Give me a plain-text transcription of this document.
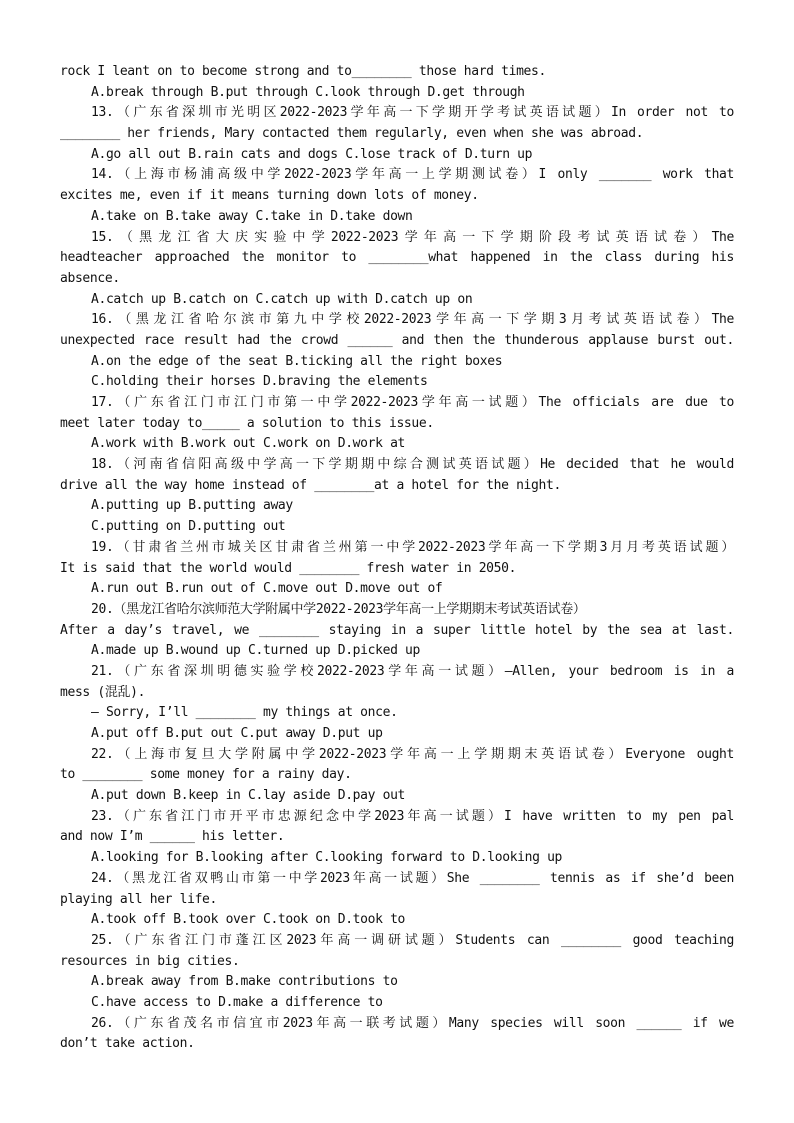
rock I leant on to become strong and to________ those hard times.
A.break through B.put through C.look through D.get through
13.（广东省深圳市光明区2022-2023学年高一下学期开学考试英语试题）In order not to
________ her friends, Mary contacted them regularly, even when she was abroad.
A.go all out B.rain cats and dogs C.lose track of D.turn up
14.（上海市杨浦高级中学2022-2023学年高一上学期测试卷）I only _______ work that
excites me, even if it means turning down lots of money.
A.take on B.take away C.take in D.take down
15.（黑龙江省大庆实验中学2022-2023学年高一下学期阶段考试英语试卷）The
headteacher approached the monitor to ________what happened in the class during his
absence.
A.catch up B.catch on C.catch up with D.catch up on
16.（黑龙江省哈尔滨市第九中学校2022-2023学年高一下学期3月考试英语试卷）The
unexpected race result had the crowd ______ and then the thunderous applause burst out.
A.on the edge of the seat B.ticking all the right boxes
C.holding their horses D.braving the elements
17.（广东省江门市江门市第一中学2022-2023学年高一试题）The officials are due to
meet later today to_____ a solution to this issue.
A.work with B.work out C.work on D.work at
18.（河南省信阳高级中学高一下学期期中综合测试英语试题）He decided that he would
drive all the way home instead of ________at a hotel for the night.
A.putting up B.putting away
C.putting on D.putting out
19.（甘肃省兰州市城关区甘肃省兰州第一中学2022-2023学年高一下学期3月月考英语试题）
It is said that the world would ________ fresh water in 2050.
A.run out B.run out of C.move out D.move out of
20.（黑龙江省哈尔滨师范大学附属中学2022-2023学年高一上学期期末考试英语试卷）
After a day’s travel, we ________ staying in a super little hotel by the sea at last.
A.made up B.wound up C.turned up D.picked up
21.（广东省深圳明德实验学校2022-2023学年高一试题）—Allen, your bedroom is in a
mess (混乱).
— Sorry, I’ll ________ my things at once.
A.put off B.put out C.put away D.put up
22.（上海市复旦大学附属中学2022-2023学年高一上学期期末英语试卷）Everyone ought
to ________ some money for a rainy day.
A.put down B.keep in C.lay aside D.pay out
23.（广东省江门市开平市忠源纪念中学2023年高一试题）I have written to my pen pal
and now I’m ______ his letter.
A.looking for B.looking after C.looking forward to D.looking up
24.（黑龙江省双鸭山市第一中学2023年高一试题）She ________ tennis as if she’d been
playing all her life.
A.took off B.took over C.took on D.took to
25.（广东省江门市蓬江区2023年高一调研试题）Students can ________ good teaching
resources in big cities.
A.break away from B.make contributions to
C.have access to D.make a difference to
26.（广东省茂名市信宜市2023年高一联考试题）Many species will soon ______ if we
don’t take action.
